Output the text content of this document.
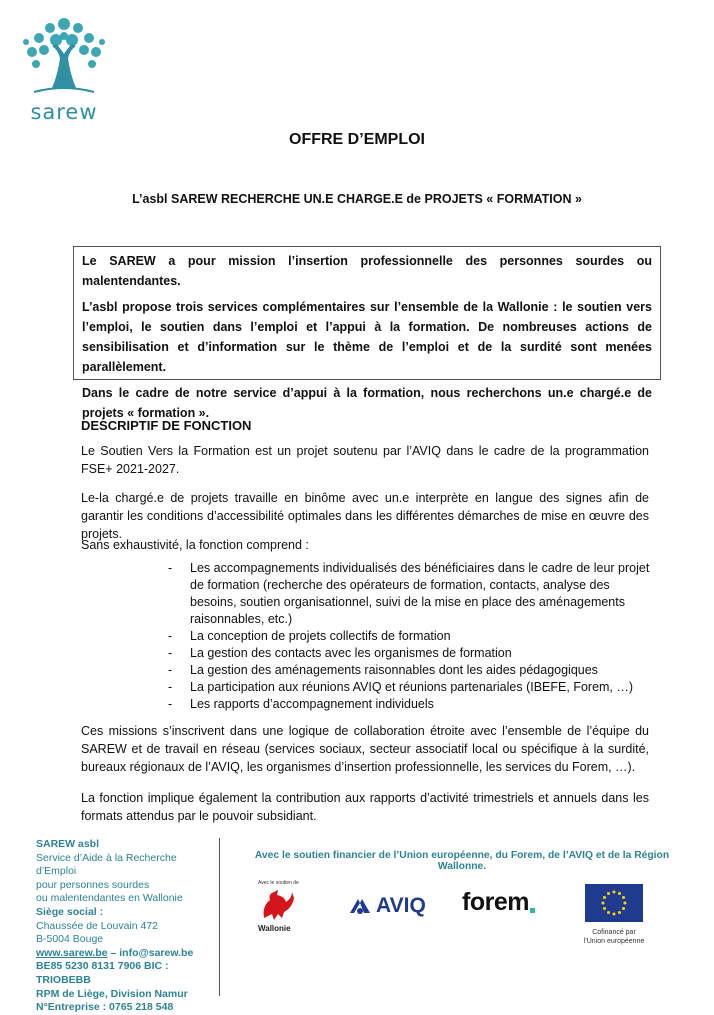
sarew
OFFRE D’EMPLOI
L’asbl SAREW RECHERCHE UN.E CHARGE.E de PROJETS « FORMATION »

Le SAREW a pour mission l’insertion professionnelle des personnes sourdes ou malentendantes.

L’asbl propose trois services complémentaires sur l’ensemble de la Wallonie : le soutien vers l’emploi, le soutien dans l’emploi et l’appui à la formation. De nombreuses actions de sensibilisation et d’information sur le thème de l’emploi et de la surdité sont menées parallèlement.

Dans le cadre de notre service d’appui à la formation, nous recherchons un.e chargé.e de projets « formation ».

DESCRIPTIF DE FONCTION

Le Soutien Vers la Formation est un projet soutenu par l’AVIQ dans le cadre de la programmation FSE+ 2021-2027.

Le-la chargé.e de projets travaille en binôme avec un.e interprète en langue des signes afin de garantir les conditions d’accessibilité optimales dans les différentes démarches de mise en œuvre des projets.

Sans exhaustivité, la fonction comprend :

- Les accompagnements individualisés des bénéficiaires dans le cadre de leur projet de formation (recherche des opérateurs de formation, contacts, analyse des besoins, soutien organisationnel, suivi de la mise en place des aménagements raisonnables, etc.)
- La conception de projets collectifs de formation
- La gestion des contacts avec les organismes de formation
- La gestion des aménagements raisonnables dont les aides pédagogiques
- La participation aux réunions AVIQ et réunions partenariales (IBEFE, Forem, …)
- Les rapports d’accompagnement individuels

Ces missions s’inscrivent dans une logique de collaboration étroite avec l’ensemble de l’équipe du SAREW et de travail en réseau (services sociaux, secteur associatif local ou spécifique à la surdité, bureaux régionaux de l’AVIQ, les organismes d’insertion professionnelle, les services du Forem, …).

La fonction implique également la contribution aux rapports d’activité trimestriels et annuels dans les formats attendus par le pouvoir subsidiant.

SAREW asbl
Service d’Aide à la Recherche d’Emploi
pour personnes sourdes
ou malentendantes en Wallonie
Siège social :
Chaussée de Louvain 472
B-5004 Bouge
www.sarew.be – info@sarew.be
BE85 5230 8131 7906 BIC : TRIOBEBB
RPM de Liège, Division Namur
N°Entreprise : 0765 218 548
Avec le soutien financier de l’Union européenne, du Forem, de l’AVIQ et de la Région Wallonne.
Avec le soutien de
Wallonie
AVIQ forem
Cofinancé par
l’Union européenne
